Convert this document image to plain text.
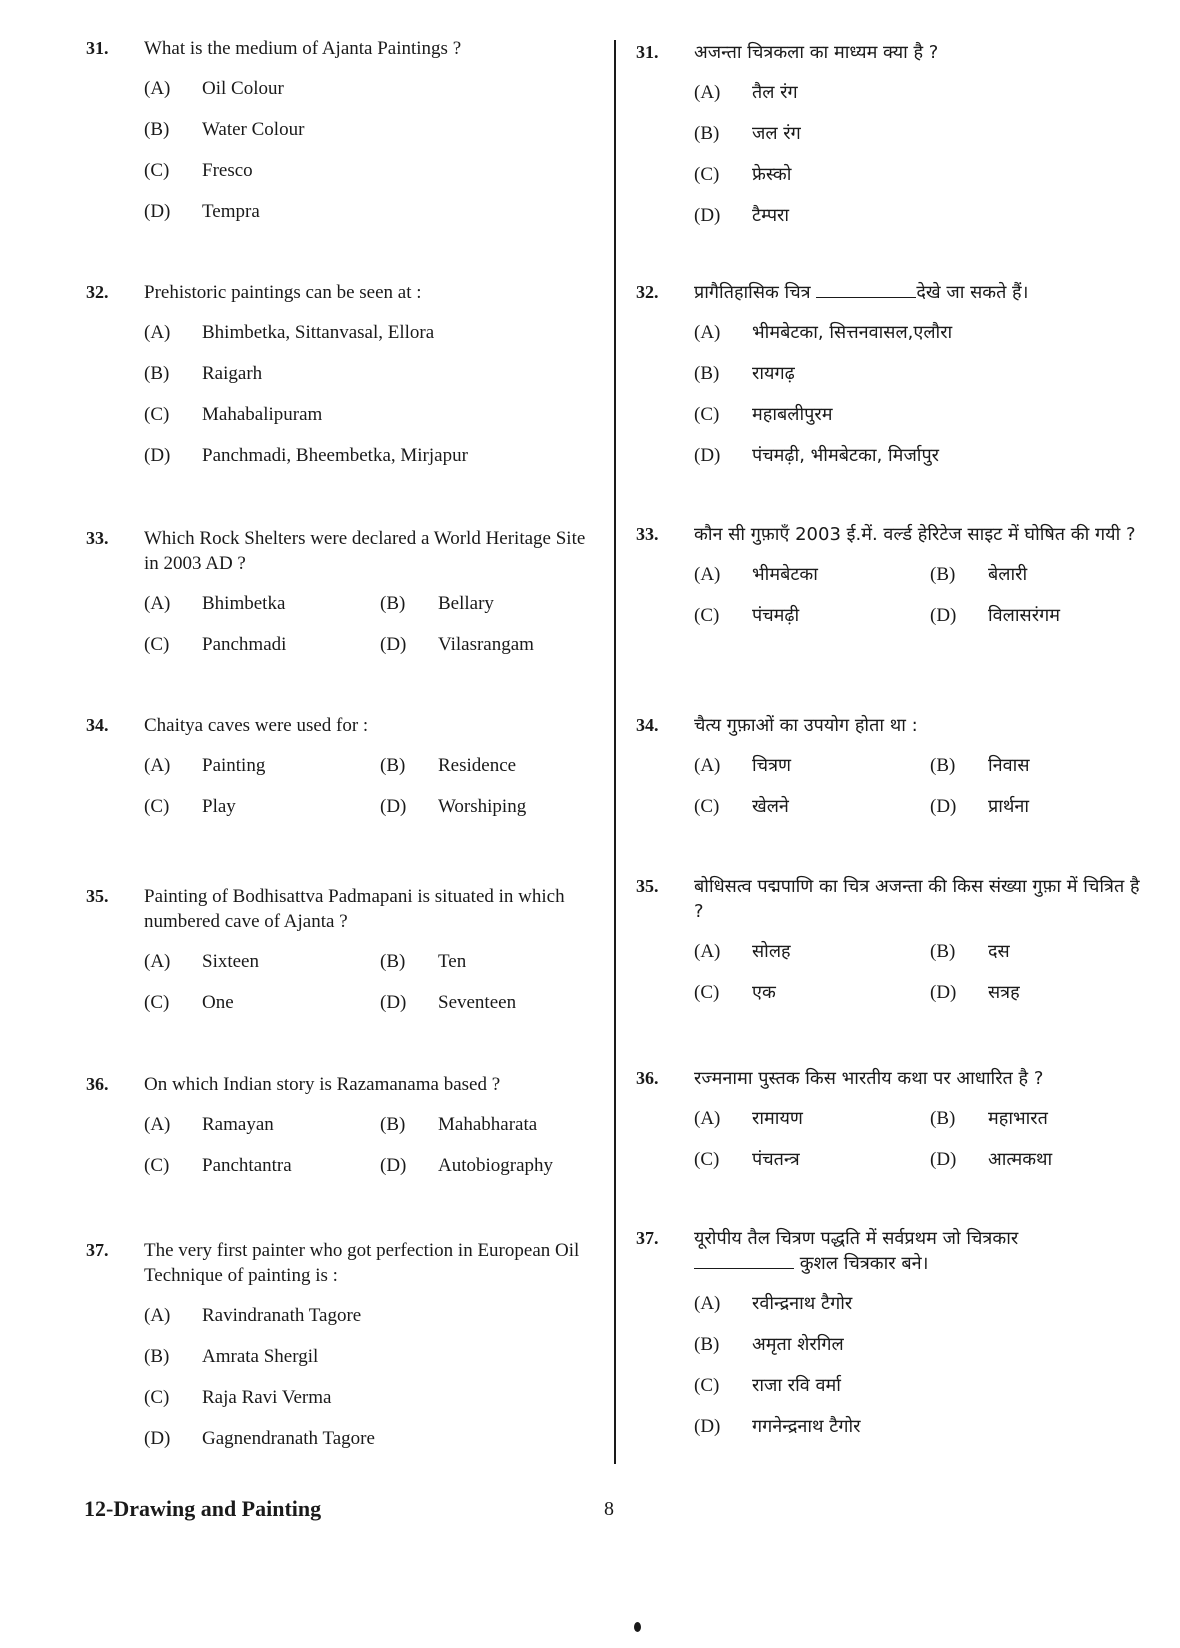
31. What is the medium of Ajanta Paintings ?
(A) Oil Colour
(B) Water Colour
(C) Fresco
(D) Tempra
32. Prehistoric paintings can be seen at :
(A) Bhimbetka, Sittanvasal, Ellora
(B) Raigarh
(C) Mahabalipuram
(D) Panchmadi, Bheembetka, Mirjapur
33. Which Rock Shelters were declared a World Heritage Site in 2003 AD ?
(A) Bhimbetka	(B) Bellary
(C) Panchmadi	(D) Vilasrangam
34. Chaitya caves were used for :
(A) Painting	(B) Residence
(C) Play	(D) Worshiping
35. Painting of Bodhisattva Padmapani is situated in which numbered cave of Ajanta ?
(A) Sixteen	(B) Ten
(C) One	(D) Seventeen
36. On which Indian story is Razamanama based ?
(A) Ramayan	(B) Mahabharata
(C) Panchtantra	(D) Autobiography
37. The very first painter who got perfection in European Oil Technique of painting is :
(A) Ravindranath Tagore
(B) Amrata Shergil
(C) Raja Ravi Verma
(D) Gagnendranath Tagore
31. अजन्ता चित्रकला का माध्यम क्या है ?
(A) तैल रंग
(B) जल रंग
(C) फ्रेस्को
(D) टैम्परा
32. प्रागैतिहासिक चित्र	देखे जा सकते हैं।
(A) भीमबेटका, सित्तनवासल,एलौरा
(B) रायगढ़
(C) महाबलीपुरम
(D) पंचमढ़ी, भीमबेटका, मिर्जापुर
33. कौन सी गुफ़ाएँ 2003 ई.में. वर्ल्ड हेरिटेज साइट में घोषित की गयी ?
(A) भीमबेटका	(B) बेलारी
(C) पंचमढ़ी	(D) विलासरंगम
34. चैत्य गुफ़ाओं का उपयोग होता था :
(A) चित्रण	(B) निवास
(C) खेलने	(D) प्रार्थना
35. बोधिसत्व पद्मपाणि का चित्र अजन्ता की किस संख्या गुफ़ा में चित्रित है ?
(A) सोलह	(B) दस
(C) एक	(D) सत्रह
36. रज्मनामा पुस्तक किस भारतीय कथा पर आधारित है ?
(A) रामायण	(B) महाभारत
(C) पंचतन्त्र	(D) आत्मकथा
37. यूरोपीय तैल चित्रण पद्धति में सर्वप्रथम जो चित्रकार
कुशल चित्रकार बने।
(A) रवीन्द्रनाथ टैगोर
(B) अमृता शेरगिल
(C) राजा रवि वर्मा
(D) गगनेन्द्रनाथ टैगोर
12-Drawing and Painting	8
